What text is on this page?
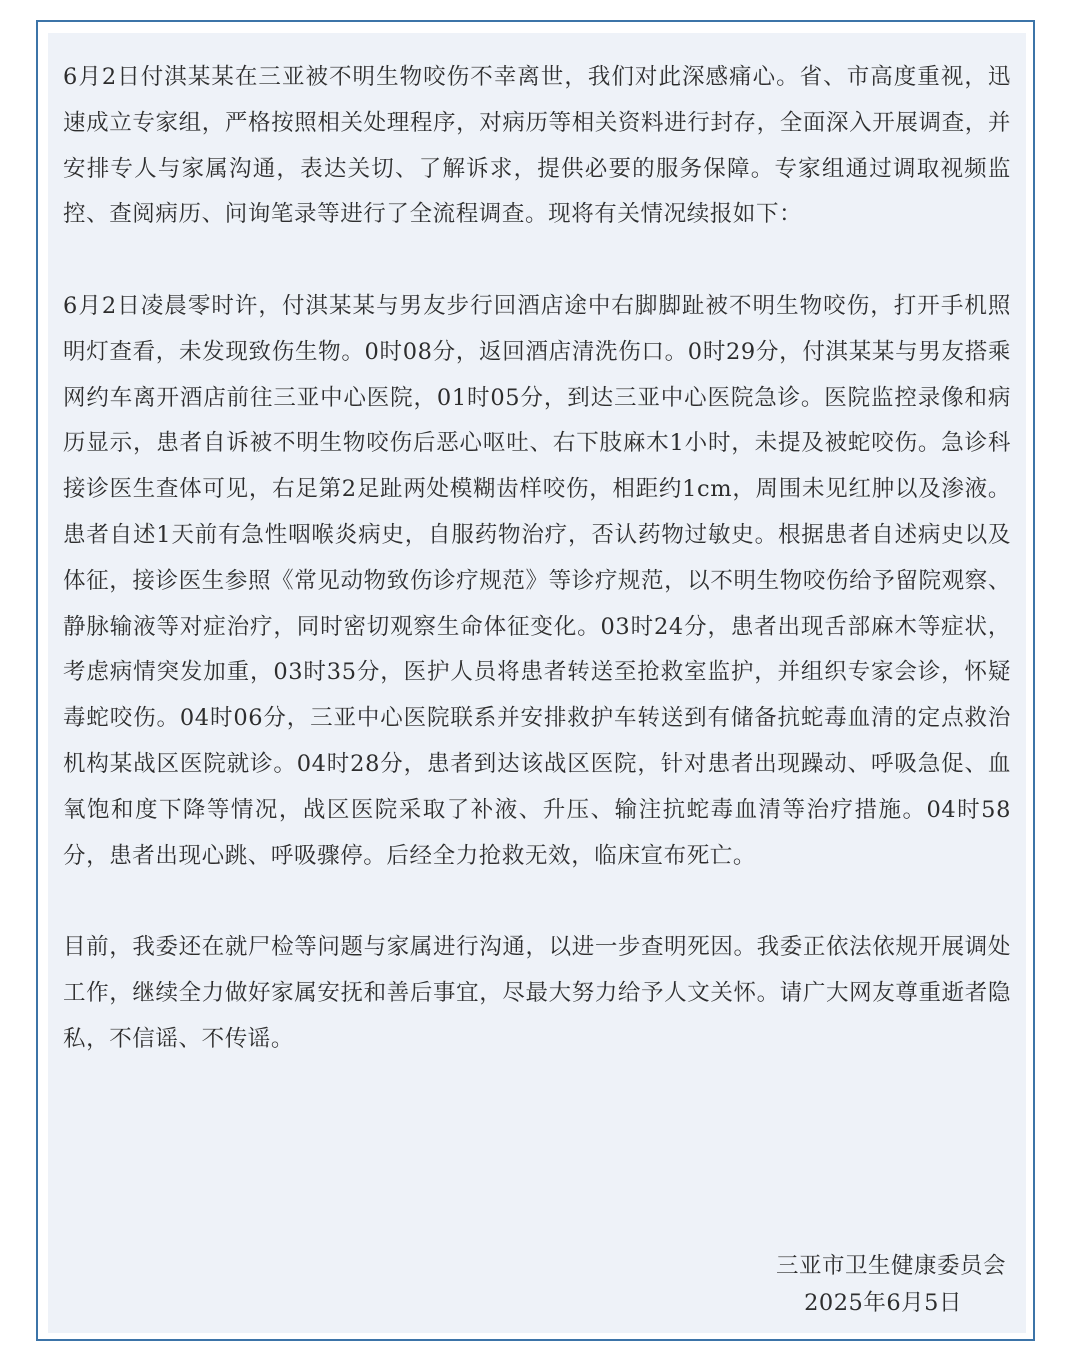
6月2日付淇某某在三亚被不明生物咬伤不幸离世，我们对此深感痛心。省、市高度重视，迅速成立专家组，严格按照相关处理程序，对病历等相关资料进行封存，全面深入开展调查，并安排专人与家属沟通，表达关切、了解诉求，提供必要的服务保障。专家组通过调取视频监控、查阅病历、问询笔录等进行了全流程调查。现将有关情况续报如下：

6月2日凌晨零时许，付淇某某与男友步行回酒店途中右脚脚趾被不明生物咬伤，打开手机照明灯查看，未发现致伤生物。0时08分，返回酒店清洗伤口。0时29分，付淇某某与男友搭乘网约车离开酒店前往三亚中心医院，01时05分，到达三亚中心医院急诊。医院监控录像和病历显示，患者自诉被不明生物咬伤后恶心呕吐、右下肢麻木1小时，未提及被蛇咬伤。急诊科接诊医生查体可见，右足第2足趾两处模糊齿样咬伤，相距约1cm，周围未见红肿以及渗液。患者自述1天前有急性咽喉炎病史，自服药物治疗，否认药物过敏史。根据患者自述病史以及体征，接诊医生参照《常见动物致伤诊疗规范》等诊疗规范，以不明生物咬伤给予留院观察、静脉输液等对症治疗，同时密切观察生命体征变化。03时24分，患者出现舌部麻木等症状，考虑病情突发加重，03时35分，医护人员将患者转送至抢救室监护，并组织专家会诊，怀疑毒蛇咬伤。04时06分，三亚中心医院联系并安排救护车转送到有储备抗蛇毒血清的定点救治机构某战区医院就诊。04时28分，患者到达该战区医院，针对患者出现躁动、呼吸急促、血氧饱和度下降等情况，战区医院采取了补液、升压、输注抗蛇毒血清等治疗措施。04时58分，患者出现心跳、呼吸骤停。后经全力抢救无效，临床宣布死亡。

目前，我委还在就尸检等问题与家属进行沟通，以进一步查明死因。我委正依法依规开展调处工作，继续全力做好家属安抚和善后事宜，尽最大努力给予人文关怀。请广大网友尊重逝者隐私，不信谣、不传谣。

三亚市卫生健康委员会
2025年6月5日
